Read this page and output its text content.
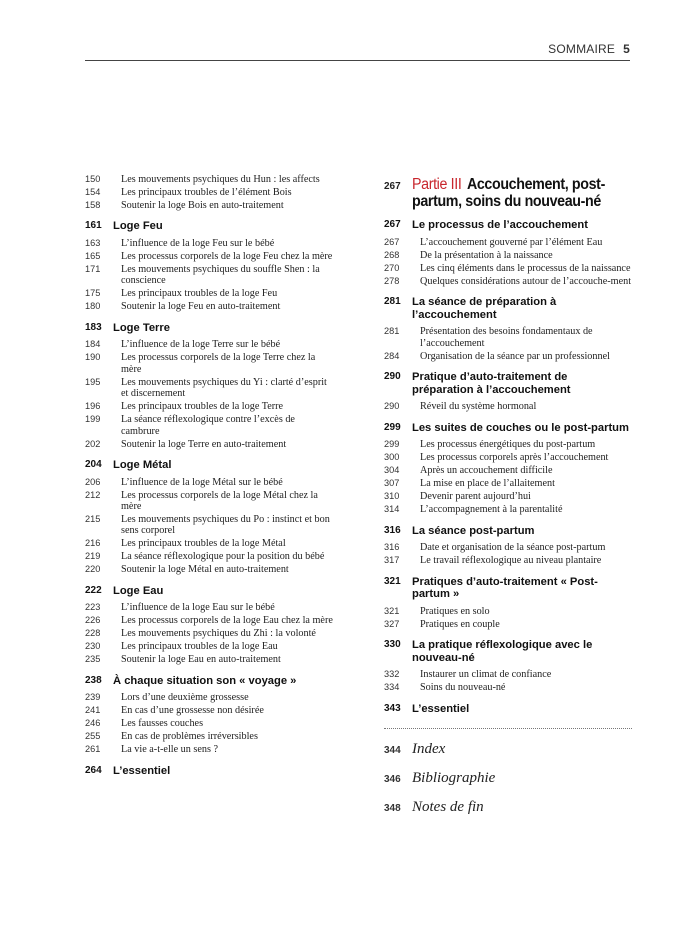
SOMMAIRE 5
150	Les mouvements psychiques du Hun : les affects
154	Les principaux troubles de l’élément Bois
158	Soutenir la loge Bois en auto-traitement
161	Loge Feu
163	L’influence de la loge Feu sur le bébé
165	Les processus corporels de la loge Feu chez la mère
171	Les mouvements psychiques du souffle Shen : la conscience
175	Les principaux troubles de la loge Feu
180	Soutenir la loge Feu en auto-traitement
183	Loge Terre
184	L’influence de la loge Terre sur le bébé
190	Les processus corporels de la loge Terre chez la mère
195	Les mouvements psychiques du Yi : clarté d’esprit et discernement
196	Les principaux troubles de la loge Terre
199	La séance réflexologique contre l’excès de cambrure
202	Soutenir la loge Terre en auto-traitement
204	Loge Métal
206	L’influence de la loge Métal sur le bébé
212	Les processus corporels de la loge Métal chez la mère
215	Les mouvements psychiques du Po : instinct et bon sens corporel
216	Les principaux troubles de la loge Métal
219	La séance réflexologique pour la position du bébé
220	Soutenir la loge Métal en auto-traitement
222	Loge Eau
223	L’influence de la loge Eau sur le bébé
226	Les processus corporels de la loge Eau chez la mère
228	Les mouvements psychiques du Zhi : la volonté
230	Les principaux troubles de la loge Eau
235	Soutenir la loge Eau en auto-traitement
238	À chaque situation son « voyage »
239	Lors d’une deuxième grossesse
241	En cas d’une grossesse non désirée
246	Les fausses couches
255	En cas de problèmes irréversibles
261	La vie a-t-elle un sens ?
264	L’essentiel
267 Partie III Accouchement, post-partum, soins du nouveau-né
267	Le processus de l’accouchement
267	L’accouchement gouverné par l’élément Eau
268	De la présentation à la naissance
270	Les cinq éléments dans le processus de la naissance
278	Quelques considérations autour de l’accouche-ment
281	La séance de préparation à l’accouchement
281	Présentation des besoins fondamentaux de l’accouchement
284	Organisation de la séance par un professionnel
290	Pratique d’auto-traitement de préparation à l’accouchement
290	Réveil du système hormonal
299	Les suites de couches ou le post-partum
299	Les processus énergétiques du post-partum
300	Les processus corporels après l’accouchement
304	Après un accouchement difficile
307	La mise en place de l’allaitement
310	Devenir parent aujourd’hui
314	L’accompagnement à la parentalité
316	La séance post-partum
316	Date et organisation de la séance post-partum
317	Le travail réflexologique au niveau plantaire
321	Pratiques d’auto-traitement « Post-partum »
321	Pratiques en solo
327	Pratiques en couple
330	La pratique réflexologique avec le nouveau-né
332	Instaurer un climat de confiance
334	Soins du nouveau-né
343	L’essentiel
344 Index
346 Bibliographie
348 Notes de fin
